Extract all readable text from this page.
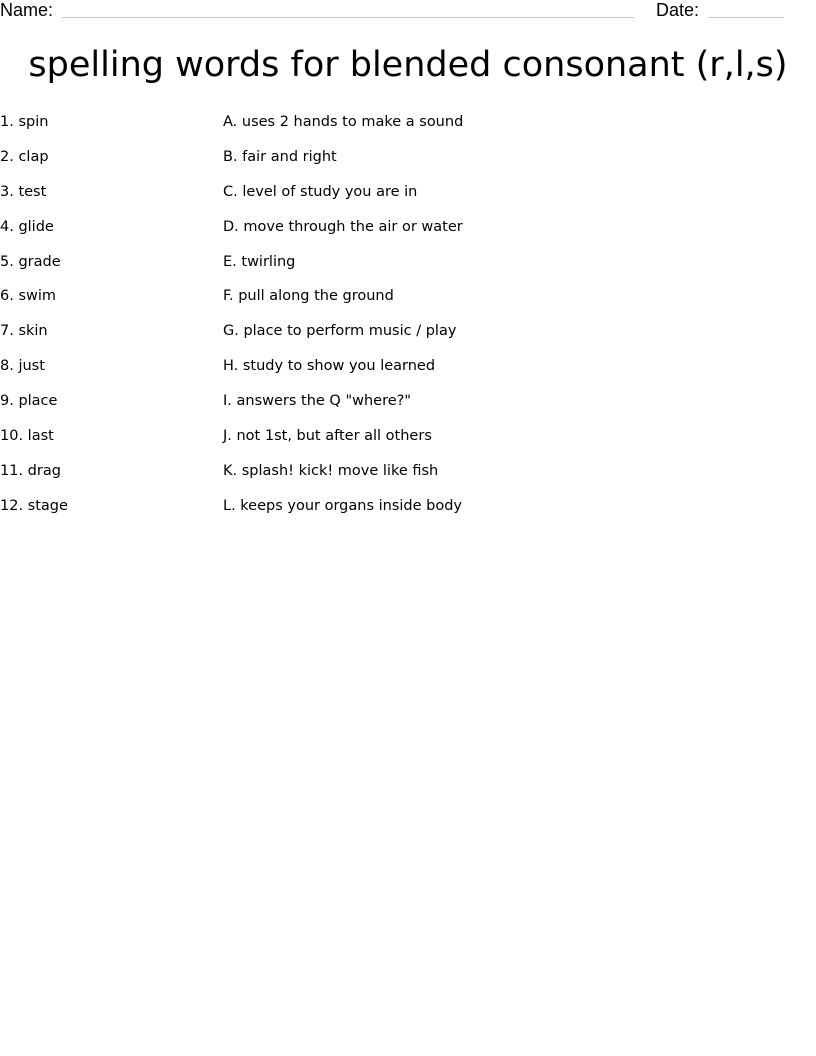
Name:	Date:
spelling words for blended consonant (r,l,s)
1. spin	A. uses 2 hands to make a sound
2. clap	B. fair and right
3. test	C. level of study you are in
4. glide	D. move through the air or water
5. grade	E. twirling
6. swim	F. pull along the ground
7. skin	G. place to perform music / play
8. just	H. study to show you learned
9. place	I. answers the Q "where?"
10. last	J. not 1st, but after all others
11. drag	K. splash! kick! move like fish
12. stage	L. keeps your organs inside body
